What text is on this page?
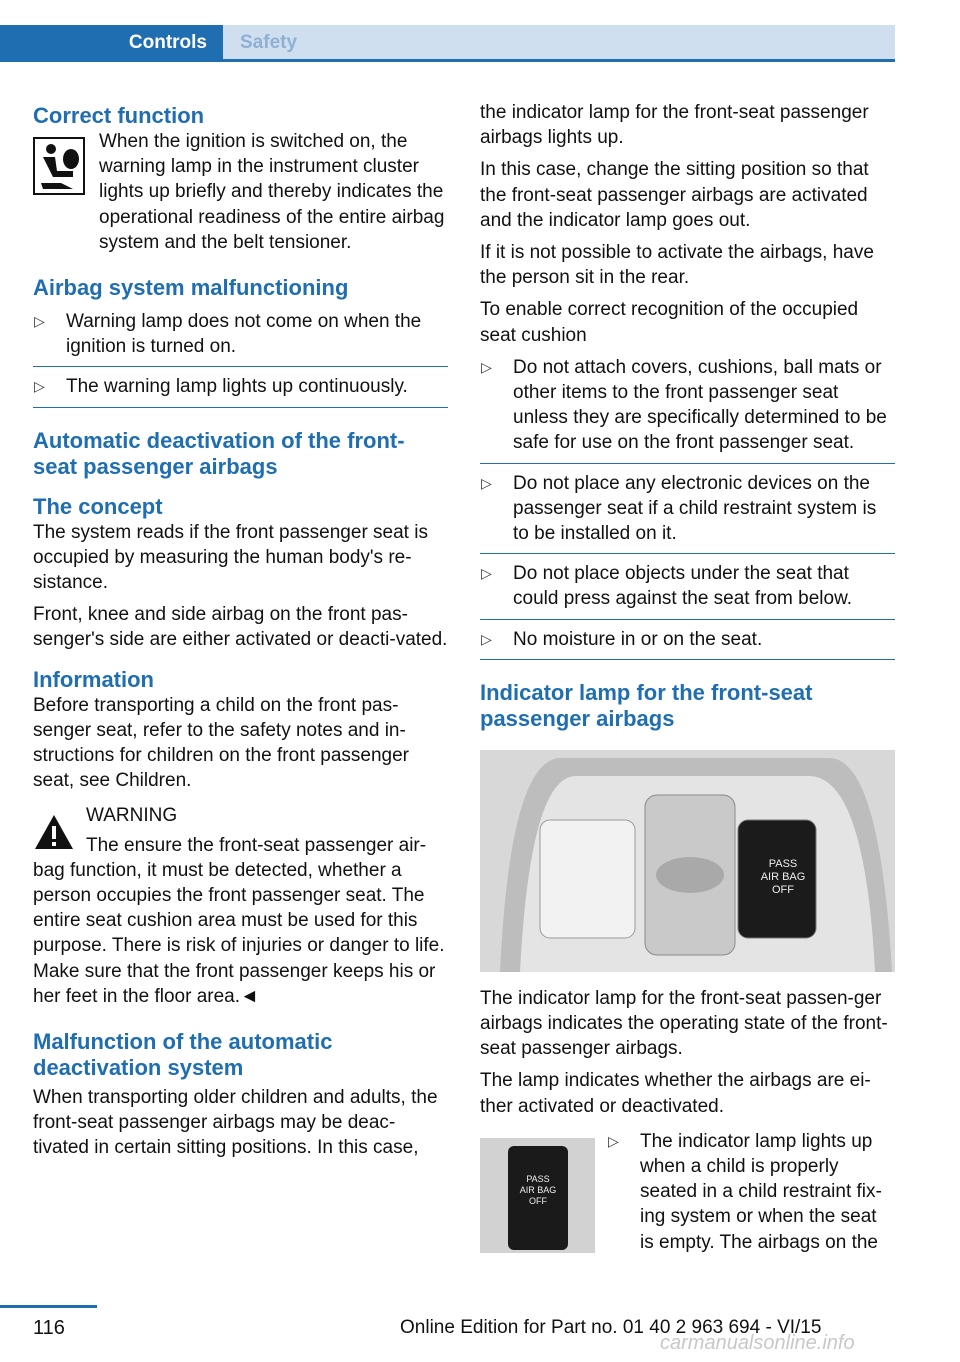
Controls	Safety
Correct function

When the ignition is switched on, the warning lamp in the instrument cluster lights up briefly and thereby indicates the operational readiness of the entire airbag system and the belt tensioner.

Airbag system malfunctioning
▷ Warning lamp does not come on when the ignition is turned on.
▷ The warning lamp lights up continuously.
Automatic deactivation of the front-seat passenger airbags
The concept

The system reads if the front passenger seat is occupied by measuring the human body's re-sistance.

Front, knee and side airbag on the front pas-senger's side are either activated or deacti-vated.

Information

Before transporting a child on the front pas-senger seat, refer to the safety notes and in-structions for children on the front passenger seat, see Children.

WARNING

The ensure the front-seat passenger air-bag function, it must be detected, whether a person occupies the front passenger seat. The entire seat cushion area must be used for this purpose. There is risk of injuries or danger to life. Make sure that the front passenger keeps his or her feet in the floor area.◄

Malfunction of the automatic deactivation system

When transporting older children and adults, the front-seat passenger airbags may be deac-tivated in certain sitting positions. In this case,

the indicator lamp for the front-seat passenger airbags lights up.

In this case, change the sitting position so that the front-seat passenger airbags are activated and the indicator lamp goes out.

If it is not possible to activate the airbags, have the person sit in the rear.

To enable correct recognition of the occupied seat cushion

▷ Do not attach covers, cushions, ball mats or other items to the front passenger seat unless they are specifically determined to be safe for use on the front passenger seat.
▷ Do not place any electronic devices on the passenger seat if a child restraint system is to be installed on it.
▷ Do not place objects under the seat that could press against the seat from below.
▷ No moisture in or on the seat.
Indicator lamp for the front-seat passenger airbags
PASS
AIR BAG
OFF

The indicator lamp for the front-seat passen-ger airbags indicates the operating state of the front-seat passenger airbags.

The lamp indicates whether the airbags are ei-ther activated or deactivated.

PASS
AIR BAG
OFF
▷ The indicator lamp lights up when a child is properly seated in a child restraint fix-ing system or when the seat is empty. The airbags on the
116	Online Edition for Part no. 01 40 2 963 694 - VI/15
carmanualsonline.info
